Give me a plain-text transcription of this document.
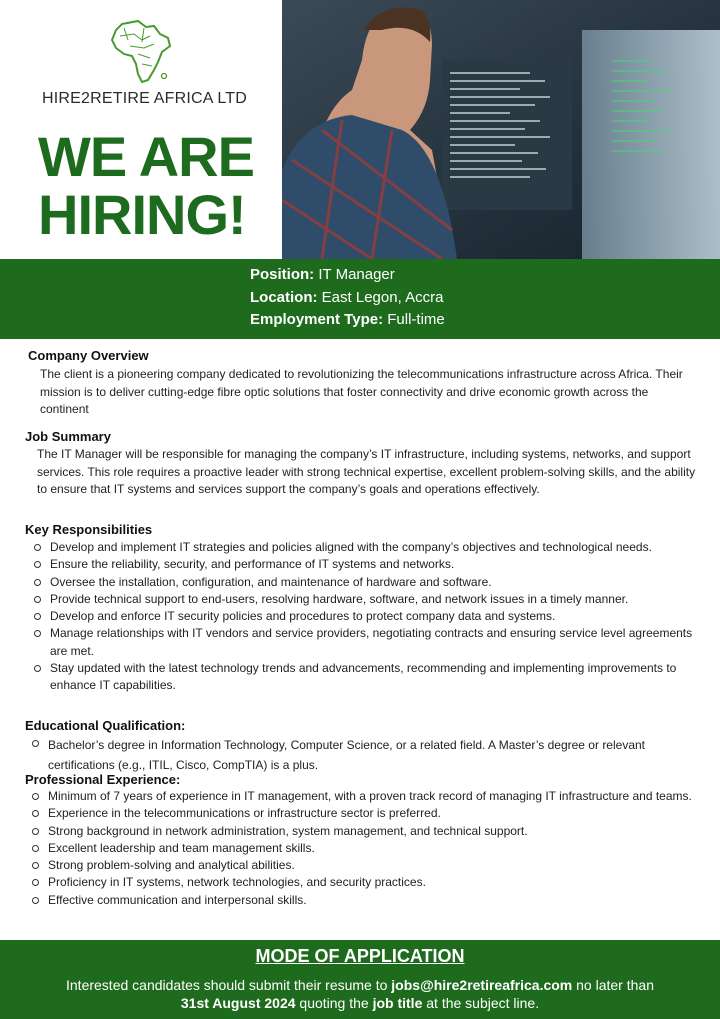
HIRE2RETIRE AFRICA LTD
WE ARE
HIRING!
Position: IT Manager
Location: East Legon, Accra
Employment Type: Full-time
Company Overview
The client is a pioneering company dedicated to revolutionizing the telecommunications infrastructure across Africa. Their mission is to deliver cutting-edge fibre optic solutions that foster connectivity and drive economic growth across the continent
Job Summary
The IT Manager will be responsible for managing the company’s IT infrastructure, including systems, networks, and support services. This role requires a proactive leader with strong technical expertise, excellent problem-solving skills, and the ability to ensure that IT systems and services support the company’s goals and operations effectively.
Key Responsibilities
Develop and implement IT strategies and policies aligned with the company’s objectives and technological needs.
Ensure the reliability, security, and performance of IT systems and networks.
Oversee the installation, configuration, and maintenance of hardware and software.
Provide technical support to end-users, resolving hardware, software, and network issues in a timely manner.
Develop and enforce IT security policies and procedures to protect company data and systems.
Manage relationships with IT vendors and service providers, negotiating contracts and ensuring service level agreements are met.
Stay updated with the latest technology trends and advancements, recommending and implementing improvements to enhance IT capabilities.
Educational Qualification:
Bachelor’s degree in Information Technology, Computer Science, or a related field. A Master’s degree or relevant certifications (e.g., ITIL, Cisco, CompTIA) is a plus.
Professional Experience:
Minimum of 7 years of experience in IT management, with a proven track record of managing IT infrastructure and teams.
Experience in the telecommunications or infrastructure sector is preferred.
Strong background in network administration, system management, and technical support.
Excellent leadership and team management skills.
Strong problem-solving and analytical abilities.
Proficiency in IT systems, network technologies, and security practices.
Effective communication and interpersonal skills.
MODE OF APPLICATION
Interested candidates should submit their resume to jobs@hire2retireafrica.com no later than
31st August 2024 quoting the job title at the subject line.
